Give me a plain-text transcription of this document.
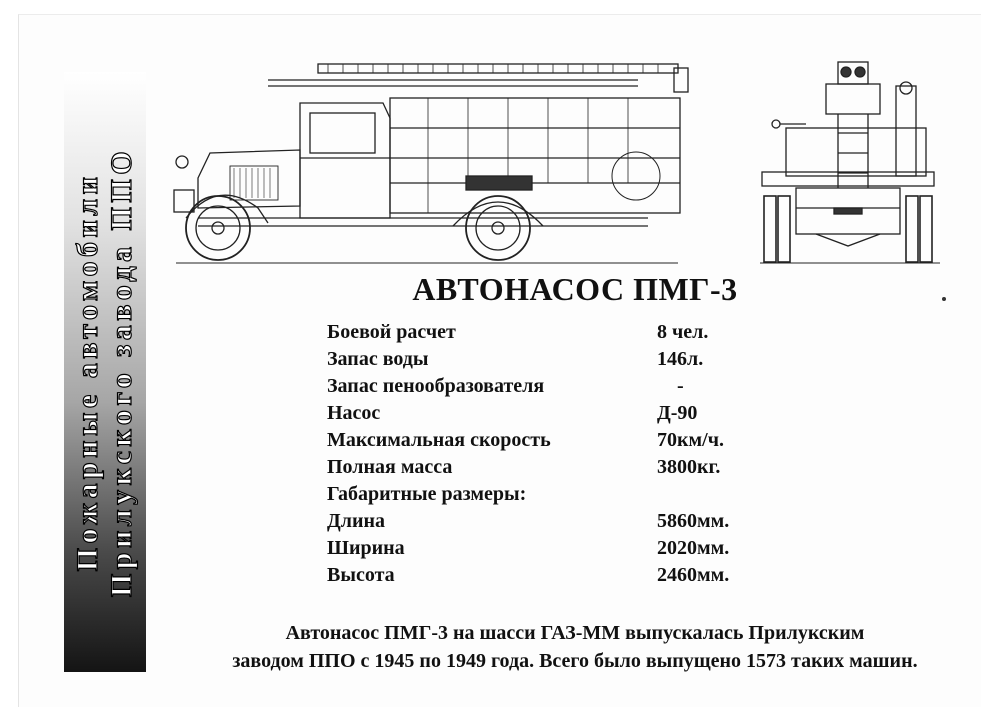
Пожарные автомобили Прилукского завода ППО	АВТОНАСОС ПМГ-3
Боевой расчет	8 чел.
Запас воды	146л.
Запас пенообразователя	-
Насос	Д-90
Максимальная скорость	70км/ч.
Полная масса	3800кг.
Габаритные размеры:
Длина	5860мм.
Ширина	2020мм.
Высота	2460мм.
Автонасос ПМГ-3 на шасси ГАЗ-ММ выпускалась Прилукским
заводом ППО с 1945 по 1949 года. Всего было выпущено 1573 таких машин.
